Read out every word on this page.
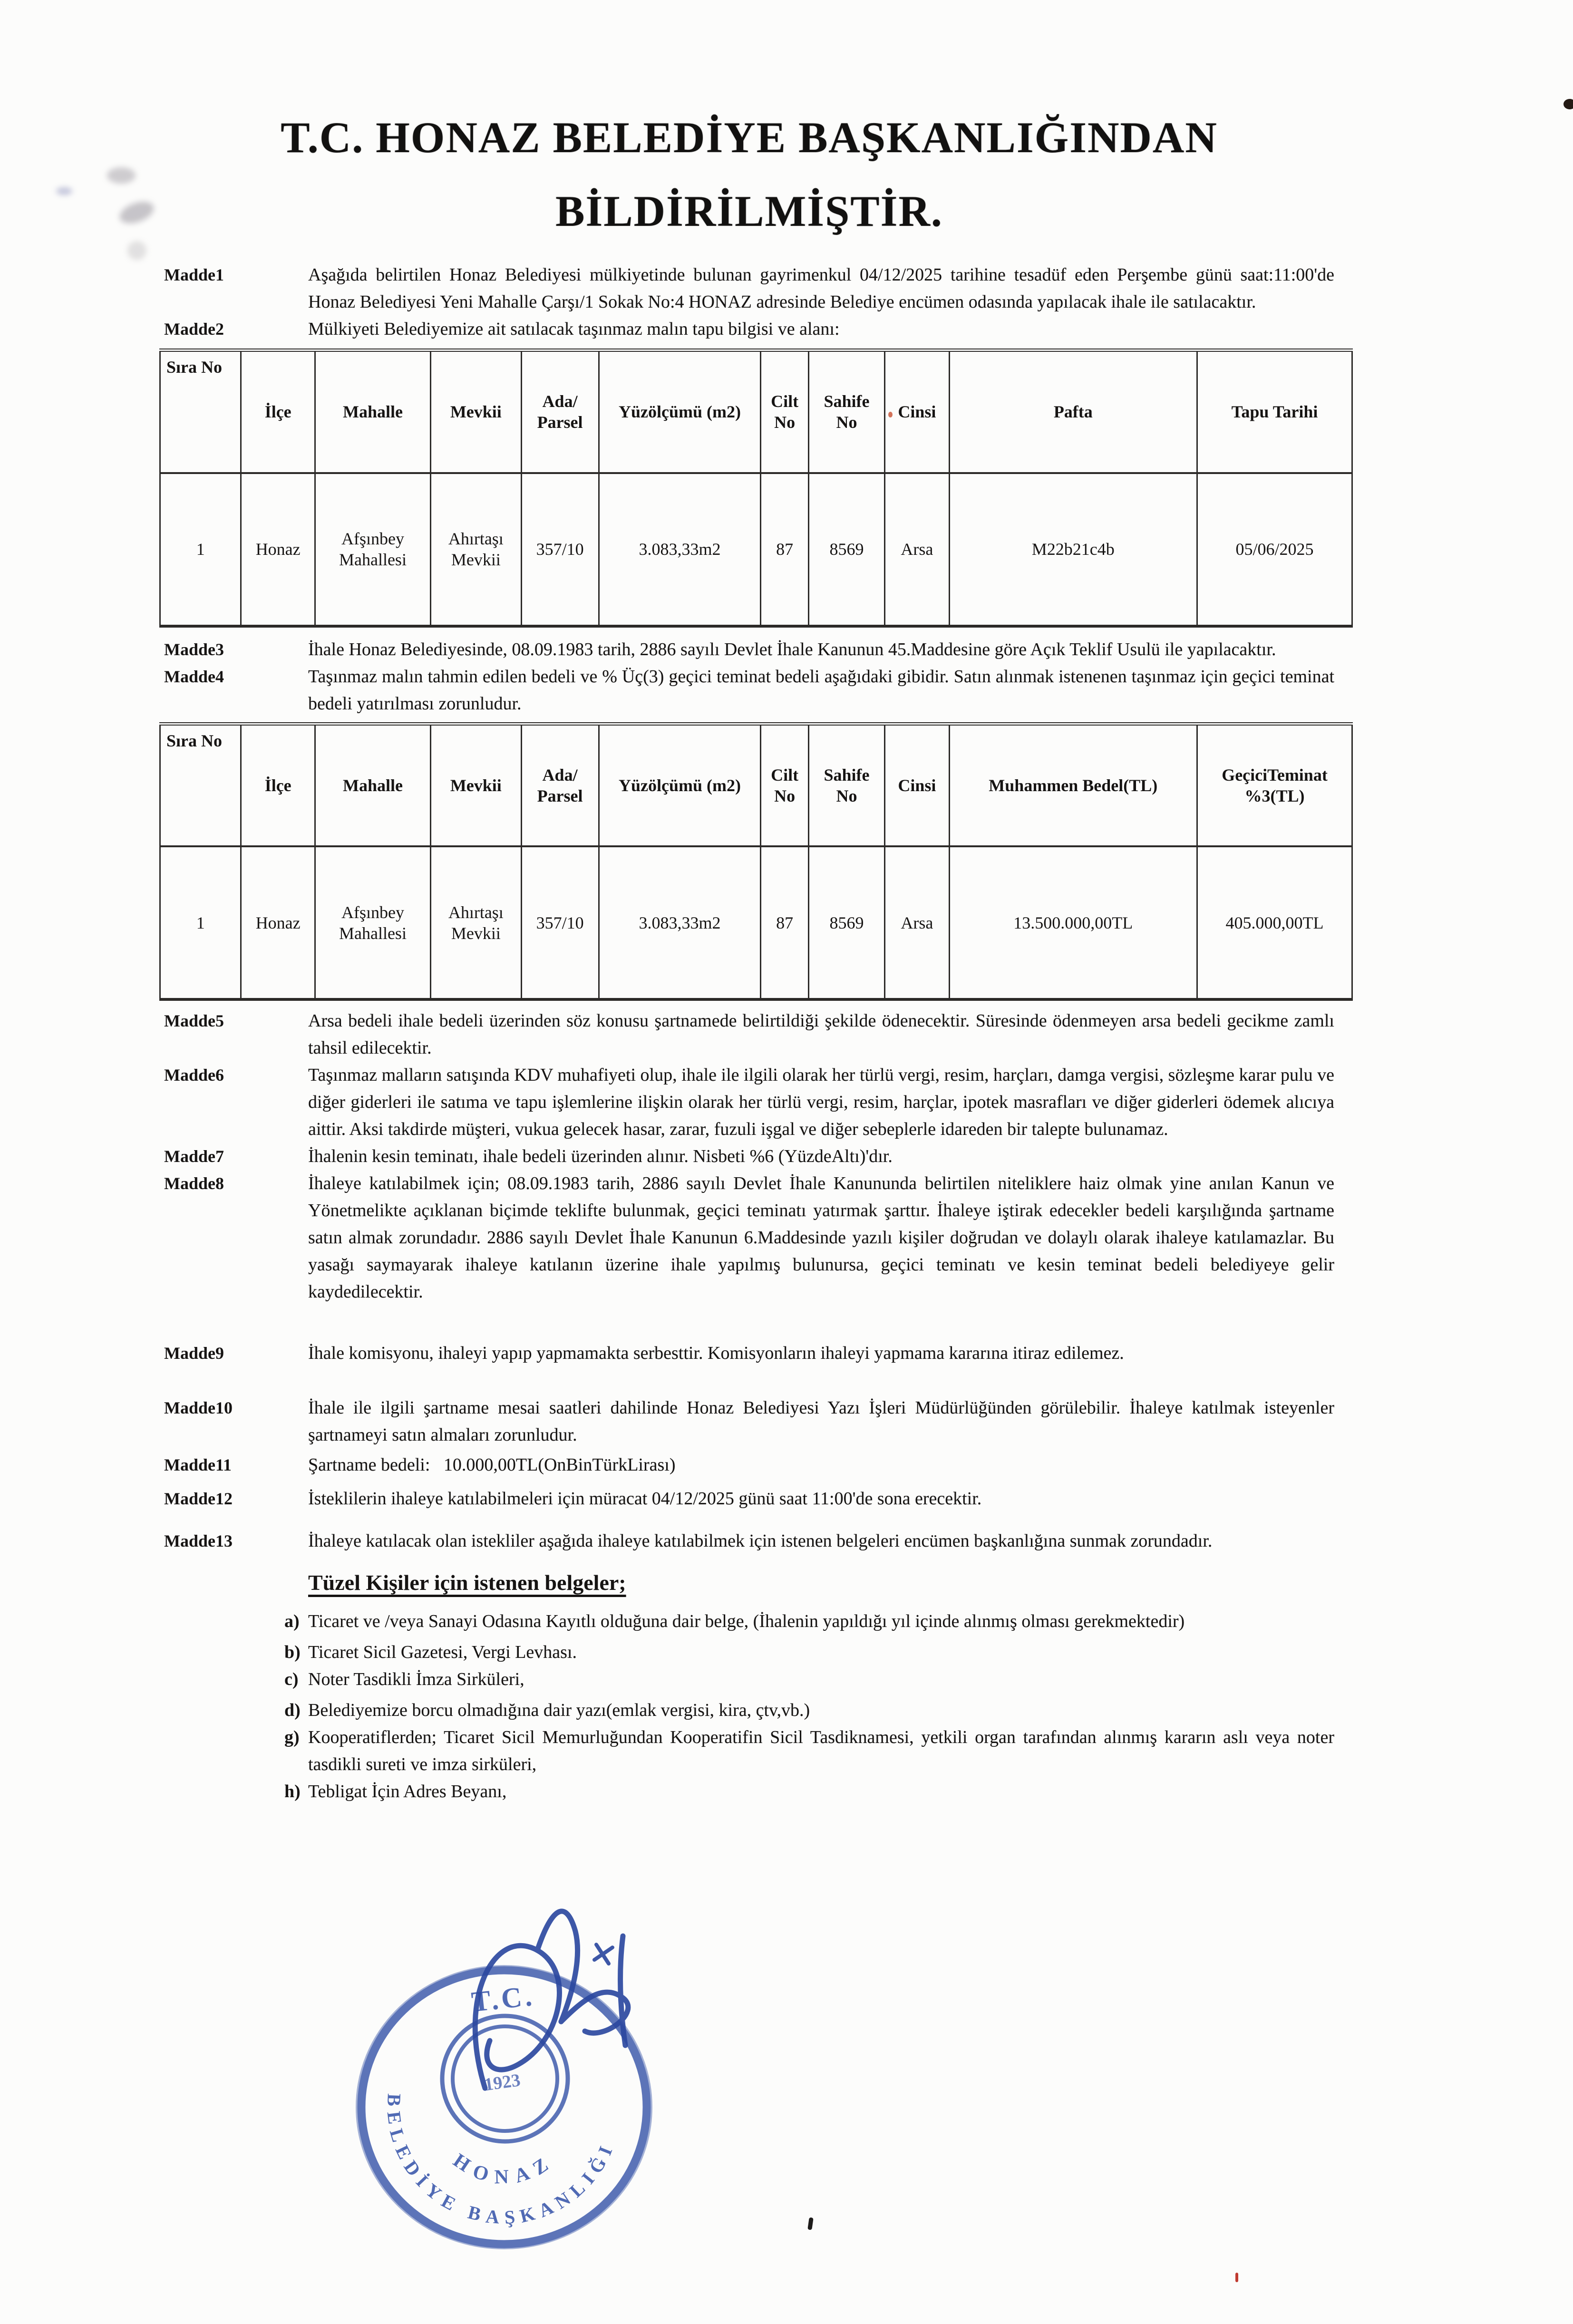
T.C. HONAZ BELEDİYE BAŞKANLIĞINDAN
BİLDİRİLMİŞTİR.
Madde1	Aşağıda belirtilen Honaz Belediyesi mülkiyetinde bulunan gayrimenkul 04/12/2025 tarihine tesadüf eden Perşembe günü saat:11:00'de Honaz Belediyesi Yeni Mahalle Çarşı/1 Sokak No:4 HONAZ adresinde Belediye encümen odasında yapılacak ihale ile satılacaktır.
Madde2	Mülkiyeti Belediyemize ait satılacak taşınmaz malın tapu bilgisi ve alanı:
Sıra No	İlçe	Mahalle	Mevkii	Ada/ Parsel	Yüzölçümü (m2)	Cilt No	Sahife No	Cinsi	Pafta	Tapu Tarihi
1	Honaz	Afşınbey Mahallesi	Ahırtaşı Mevkii	357/10	3.083,33m2	87	8569	Arsa	M22b21c4b	05/06/2025
Madde3	İhale Honaz Belediyesinde, 08.09.1983 tarih, 2886 sayılı Devlet İhale Kanunun 45.Maddesine göre Açık Teklif Usulü ile yapılacaktır.
Madde4	Taşınmaz malın tahmin edilen bedeli ve % Üç(3) geçici teminat bedeli aşağıdaki gibidir. Satın alınmak istenenen taşınmaz için geçici teminat bedeli yatırılması zorunludur.
Sıra No	İlçe	Mahalle	Mevkii	Ada/ Parsel	Yüzölçümü (m2)	Cilt No	Sahife No	Cinsi	Muhammen Bedel(TL)	GeçiciTeminat %3(TL)
1	Honaz	Afşınbey Mahallesi	Ahırtaşı Mevkii	357/10	3.083,33m2	87	8569	Arsa	13.500.000,00TL	405.000,00TL
Madde5	Arsa bedeli ihale bedeli üzerinden söz konusu şartnamede belirtildiği şekilde ödenecektir. Süresinde ödenmeyen arsa bedeli gecikme zamlı tahsil edilecektir.
Madde6	Taşınmaz malların satışında KDV muhafiyeti olup, ihale ile ilgili olarak her türlü vergi, resim, harçları, damga vergisi, sözleşme karar pulu ve diğer giderleri ile satıma ve tapu işlemlerine ilişkin olarak her türlü vergi, resim, harçlar, ipotek masrafları ve diğer giderleri ödemek alıcıya aittir. Aksi takdirde müşteri, vukua gelecek hasar, zarar, fuzuli işgal ve diğer sebeplerle idareden bir talepte bulunamaz.
Madde7	İhalenin kesin teminatı, ihale bedeli üzerinden alınır. Nisbeti %6 (YüzdeAltı)'dır.
Madde8	İhaleye katılabilmek için; 08.09.1983 tarih, 2886 sayılı Devlet İhale Kanununda belirtilen niteliklere haiz olmak yine anılan Kanun ve Yönetmelikte açıklanan biçimde teklifte bulunmak, geçici teminatı yatırmak şarttır. İhaleye iştirak edecekler bedeli karşılığında şartname satın almak zorundadır. 2886 sayılı Devlet İhale Kanunun 6.Maddesinde yazılı kişiler doğrudan ve dolaylı olarak ihaleye katılamazlar. Bu yasağı saymayarak ihaleye katılanın üzerine ihale yapılmış bulunursa, geçici teminatı ve kesin teminat bedeli belediyeye gelir kaydedilecektir.
Madde9	İhale komisyonu, ihaleyi yapıp yapmamakta serbesttir. Komisyonların ihaleyi yapmama kararına itiraz edilemez.
Madde10	İhale ile ilgili şartname mesai saatleri dahilinde Honaz Belediyesi Yazı İşleri Müdürlüğünden görülebilir. İhaleye katılmak isteyenler şartnameyi satın almaları zorunludur.
Madde11	Şartname bedeli:   10.000,00TL(OnBinTürkLirası)
Madde12	İsteklilerin ihaleye katılabilmeleri için müracat 04/12/2025 günü saat 11:00'de sona erecektir.
Madde13	İhaleye katılacak olan istekliler aşağıda ihaleye katılabilmek için istenen belgeleri encümen başkanlığına sunmak zorundadır.
Tüzel Kişiler için istenen belgeler;
a) Ticaret ve /veya Sanayi Odasına Kayıtlı olduğuna dair belge, (İhalenin yapıldığı yıl içinde alınmış olması gerekmektedir)
b) Ticaret Sicil Gazetesi, Vergi Levhası.
c) Noter Tasdikli İmza Sirküleri,
d) Belediyemize borcu olmadığına dair yazı(emlak vergisi, kira, çtv,vb.)
g) Kooperatiflerden; Ticaret Sicil Memurluğundan Kooperatifin Sicil Tasdiknamesi, yetkili organ tarafından alınmış kararın aslı veya noter tasdikli sureti ve imza sirküleri,
h) Tebligat İçin Adres Beyanı,
T.C.
BELEDİYE BAŞKANLIĞI
HONAZ
1923
